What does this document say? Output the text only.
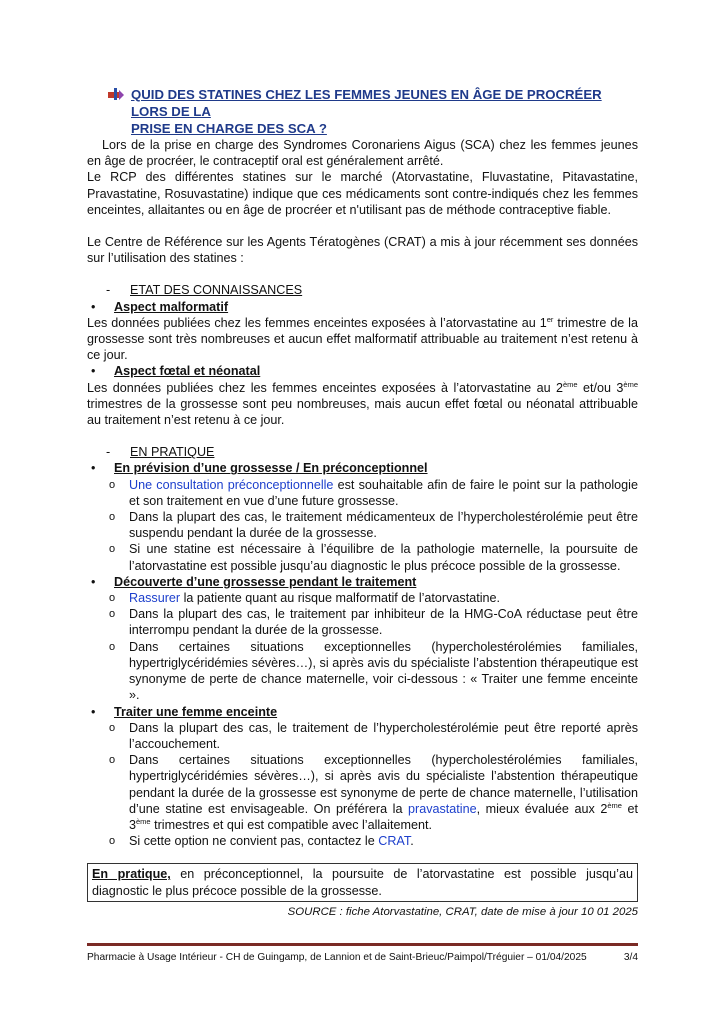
QUID DES STATINES CHEZ LES FEMMES JEUNES EN ÂGE DE PROCRÉER LORS DE LA
PRISE EN CHARGE DES SCA ?

Lors de la prise en charge des Syndromes Coronariens Aigus (SCA) chez les femmes jeunes en âge de procréer, le contraceptif oral est généralement arrêté.

Le RCP des différentes statines sur le marché (Atorvastatine, Fluvastatine, Pitavastatine, Pravastatine, Rosuvastatine) indique que ces médicaments sont contre-indiqués chez les femmes enceintes, allaitantes ou en âge de procréer et n'utilisant pas de méthode contraceptive fiable.

Le Centre de Référence sur les Agents Tératogènes (CRAT) a mis à jour récemment ses données sur l’utilisation des statines :

- ETAT DES CONNAISSANCES
•	Aspect malformatif

Les données publiées chez les femmes enceintes exposées à l’atorvastatine au 1er trimestre de la grossesse sont très nombreuses et aucun effet malformatif attribuable au traitement n’est retenu à ce jour.

•	Aspect fœtal et néonatal

Les données publiées chez les femmes enceintes exposées à l’atorvastatine au 2ème et/ou 3ème trimestres de la grossesse sont peu nombreuses, mais aucun effet fœtal ou néonatal attribuable au traitement n’est retenu à ce jour.

- EN PRATIQUE
•	En prévision d’une grossesse / En préconceptionnel
o	Une consultation préconceptionnelle est souhaitable afin de faire le point sur la pathologie et son traitement en vue d’une future grossesse.
o	Dans la plupart des cas, le traitement médicamenteux de l’hypercholestérolémie peut être suspendu pendant la durée de la grossesse.
o	Si une statine est nécessaire à l’équilibre de la pathologie maternelle, la poursuite de l’atorvastatine est possible jusqu’au diagnostic le plus précoce possible de la grossesse.
•	Découverte d’une grossesse pendant le traitement
o	Rassurer la patiente quant au risque malformatif de l’atorvastatine.
o	Dans la plupart des cas, le traitement par inhibiteur de la HMG-CoA réductase peut être interrompu pendant la durée de la grossesse.
o	Dans certaines situations exceptionnelles (hypercholestérolémies familiales, hypertriglycéridémies sévères…), si après avis du spécialiste l’abstention thérapeutique est synonyme de perte de chance maternelle, voir ci-dessous : « Traiter une femme enceinte ».
•	Traiter une femme enceinte
o	Dans la plupart des cas, le traitement de l’hypercholestérolémie peut être reporté après l’accouchement.
o	Dans certaines situations exceptionnelles (hypercholestérolémies familiales, hypertriglycéridémies sévères…), si après avis du spécialiste l’abstention thérapeutique pendant la durée de la grossesse est synonyme de perte de chance maternelle, l’utilisation d’une statine est envisageable. On préférera la pravastatine, mieux évaluée aux 2ème et 3ème trimestres et qui est compatible avec l’allaitement.
o	Si cette option ne convient pas, contactez le CRAT.
En pratique, en préconceptionnel, la poursuite de l’atorvastatine est possible jusqu’au diagnostic le plus précoce possible de la grossesse.
SOURCE : fiche Atorvastatine, CRAT, date de mise à jour 10 01 2025
Pharmacie à Usage Intérieur - CH de Guingamp, de Lannion et de Saint-Brieuc/Paimpol/Tréguier – 01/04/2025	3/4
